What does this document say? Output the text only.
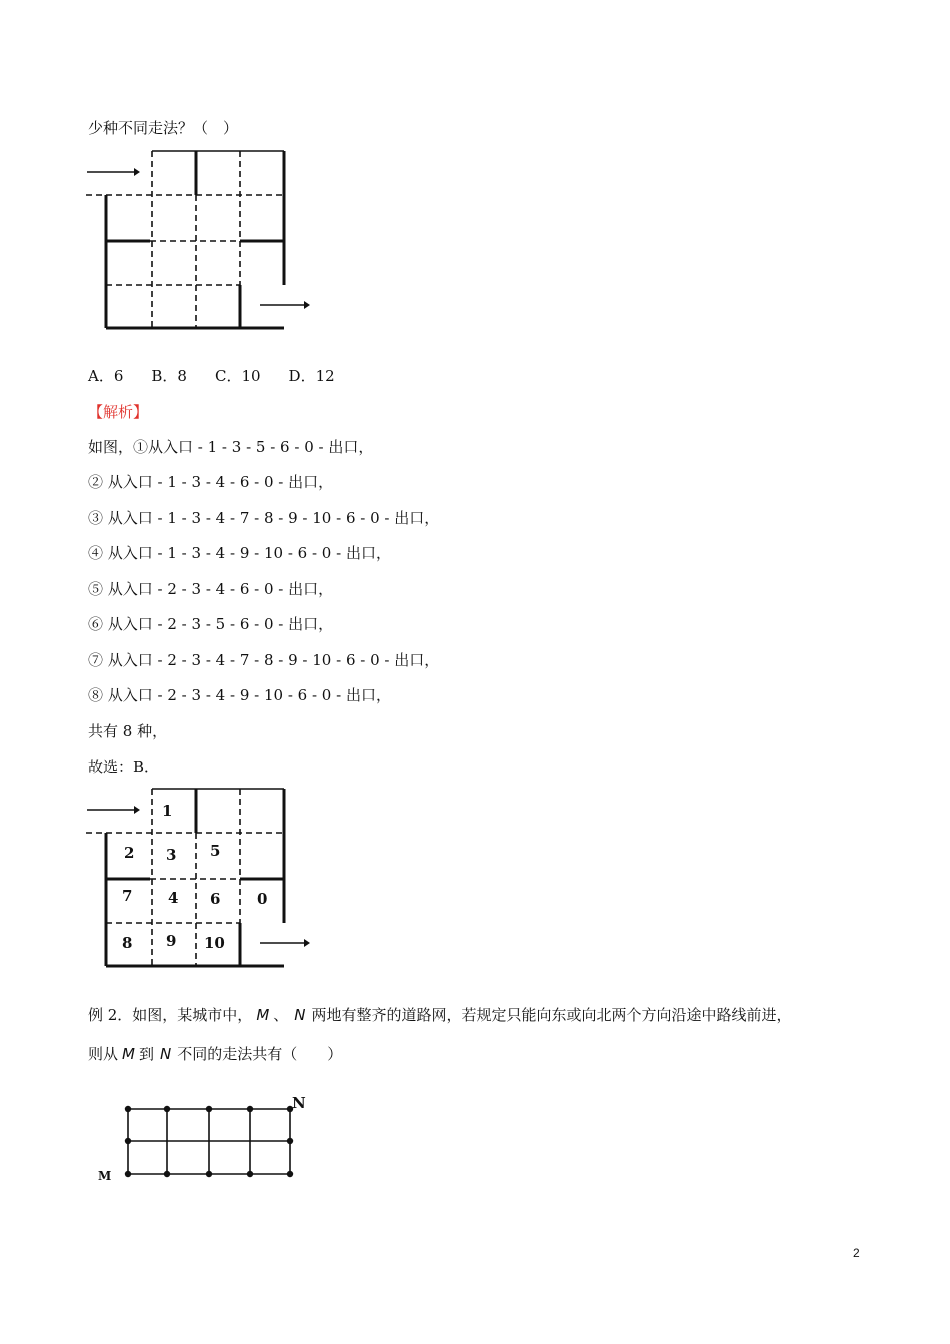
少种不同走法？（　）
A．6 B．8 C．10 D．12
【解析】
如图，①从入口 - 1 - 3 - 5 - 6 - 0 - 出口，
② 从入口 - 1 - 3 - 4 - 6 - 0 - 出口，
③ 从入口 - 1 - 3 - 4 - 7 - 8 - 9 - 10 - 6 - 0 - 出口，
④ 从入口 - 1 - 3 - 4 - 9 - 10 - 6 - 0 - 出口，
⑤ 从入口 - 2 - 3 - 4 - 6 - 0 - 出口，
⑥ 从入口 - 2 - 3 - 5 - 6 - 0 - 出口，
⑦ 从入口 - 2 - 3 - 4 - 7 - 8 - 9 - 10 - 6 - 0 - 出口，
⑧ 从入口 - 2 - 3 - 4 - 9 - 10 - 6 - 0 - 出口，
共有 8 种，
故选：B．
1
2 3 5
7 4 6 0
8 9 10
例 2．如图，某城市中， M 、 N 两地有整齐的道路网，若规定只能向东或向北两个方向沿途中路线前进，
则从 M 到 N 不同的走法共有（　　）
M
N
2
